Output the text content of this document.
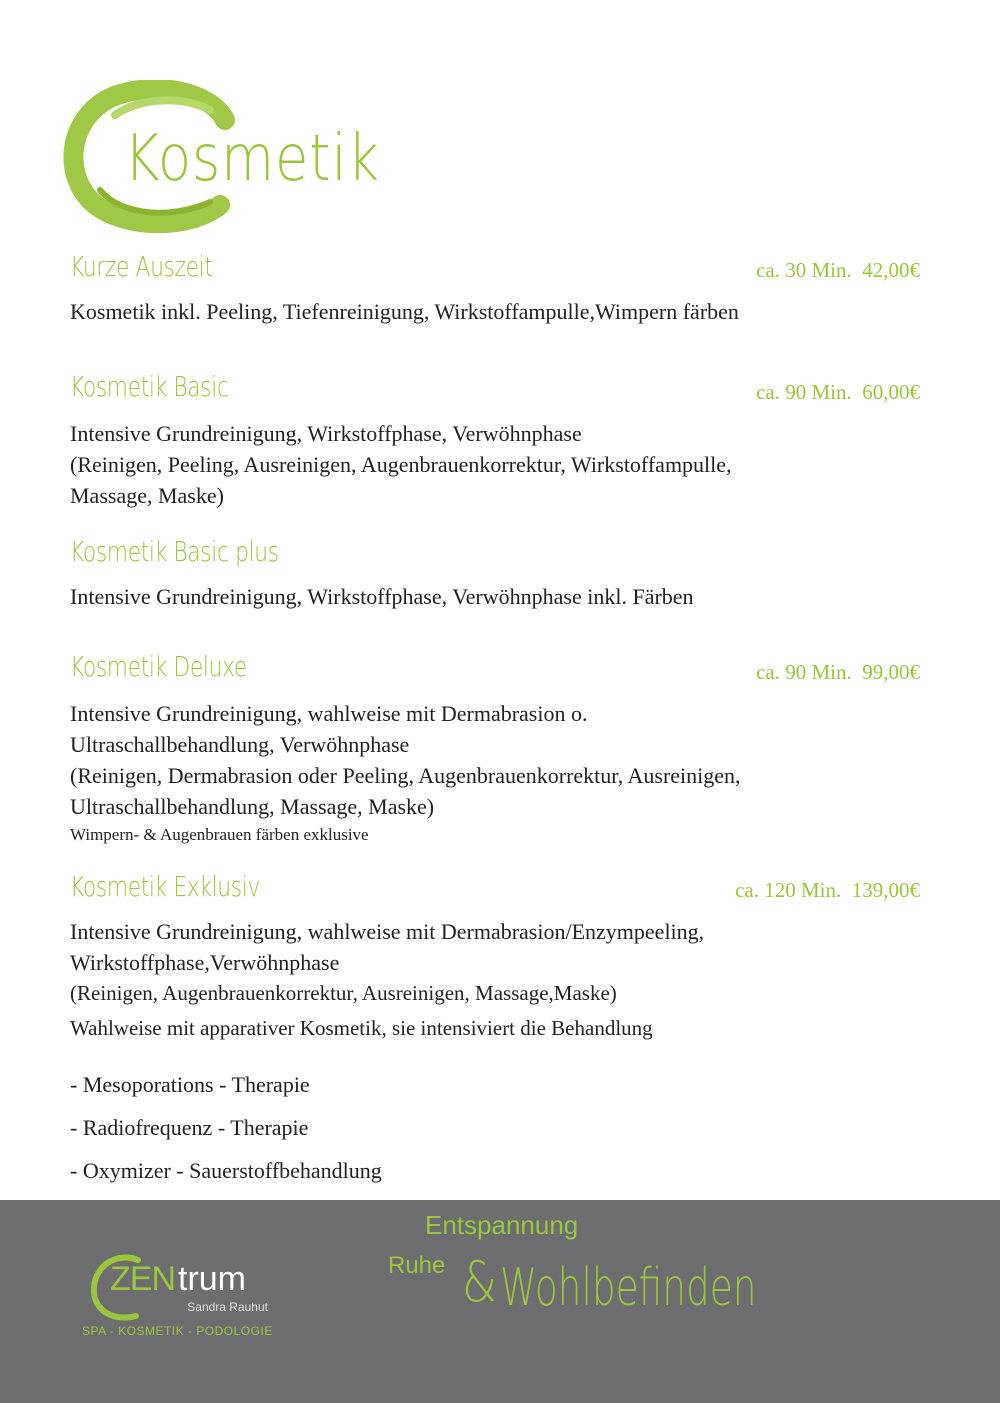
Kosmetik
Kurze Auszeit	ca. 30 Min.  42,00€
Kosmetik inkl. Peeling, Tiefenreinigung, Wirkstoffampulle,Wimpern färben
Kosmetik Basic	ca. 90 Min.  60,00€
Intensive Grundreinigung, Wirkstoffphase, Verwöhnphase
(Reinigen, Peeling, Ausreinigen, Augenbrauenkorrektur, Wirkstoffampulle,
Massage, Maske)
Kosmetik Basic plus
Intensive Grundreinigung, Wirkstoffphase, Verwöhnphase inkl. Färben
Kosmetik Deluxe	ca. 90 Min.  99,00€
Intensive Grundreinigung, wahlweise mit Dermabrasion o.
Ultraschallbehandlung, Verwöhnphase
(Reinigen, Dermabrasion oder Peeling, Augenbrauenkorrektur, Ausreinigen,
Ultraschallbehandlung, Massage, Maske)
Wimpern- & Augenbrauen färben exklusive
Kosmetik Exklusiv	ca. 120 Min.  139,00€
Intensive Grundreinigung, wahlweise mit Dermabrasion/Enzympeeling,
Wirkstoffphase,Verwöhnphase
(Reinigen, Augenbrauenkorrektur, Ausreinigen, Massage,Maske)
Wahlweise mit apparativer Kosmetik, sie intensiviert die Behandlung
- Mesoporations - Therapie
- Radiofrequenz - Therapie
- Oxymizer - Sauerstoffbehandlung
ZEN trum
Sandra Rauhut
SPA - KOSMETIK - PODOLOGIE
Entspannung
Ruhe & Wohlbefinden
